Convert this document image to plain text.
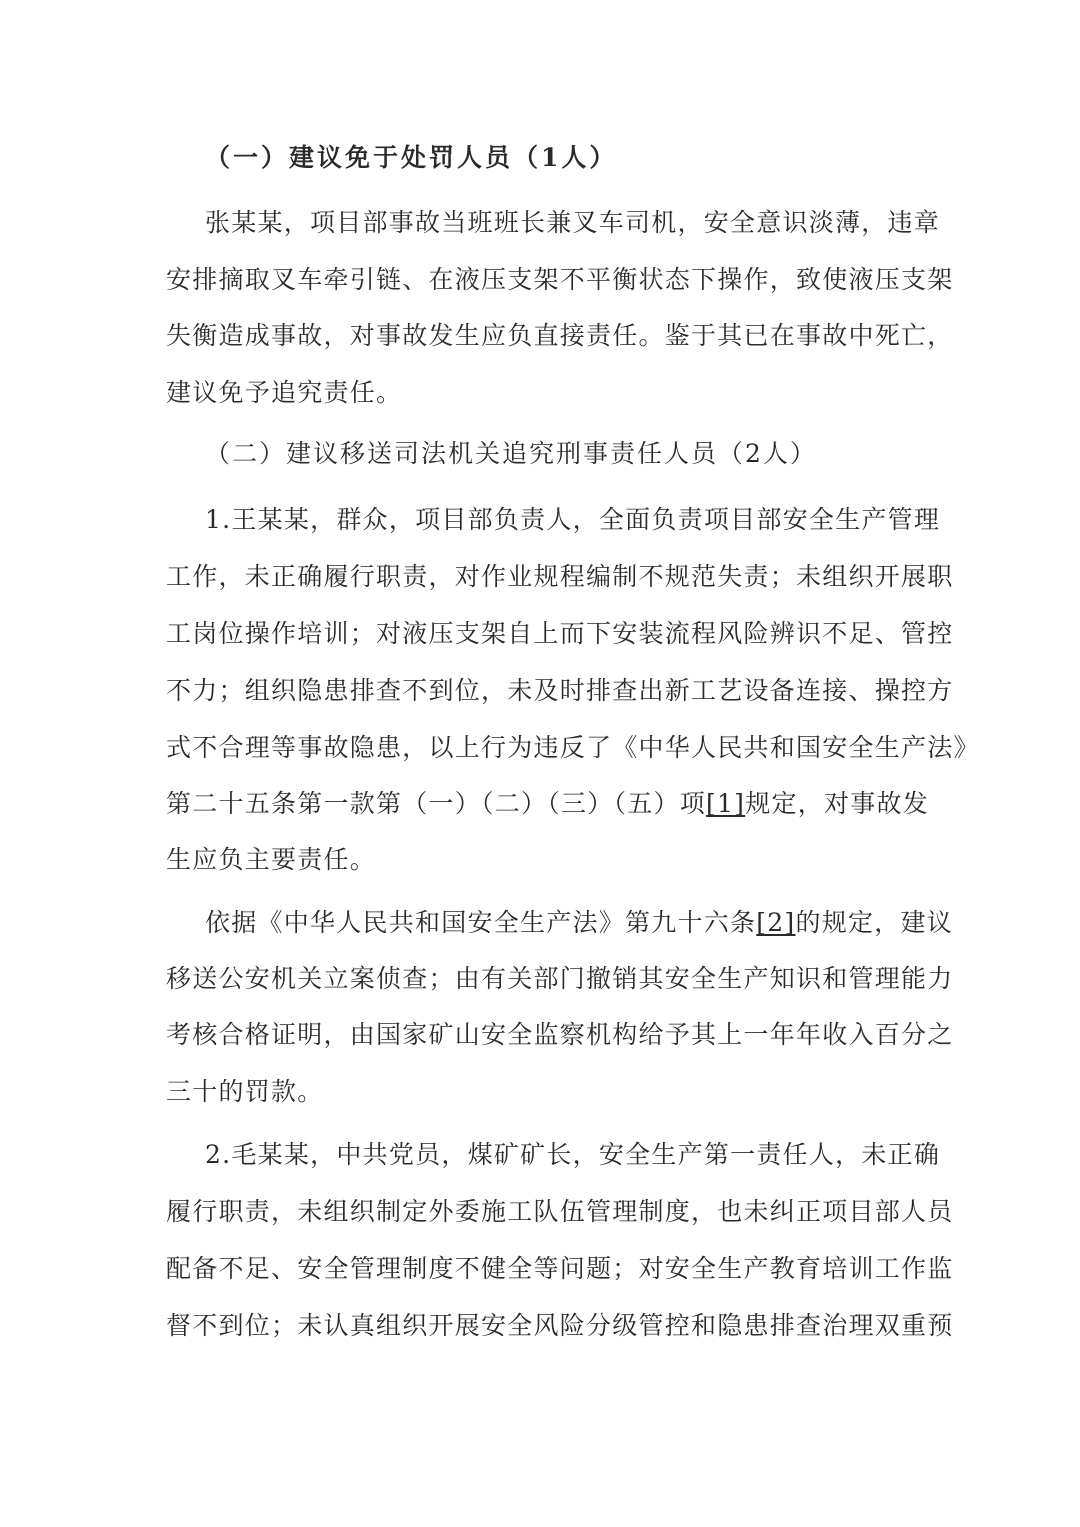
（一）建议免于处罚人员（1人）
张某某，项目部事故当班班长兼叉车司机，安全意识淡薄，违章
安排摘取叉车牵引链、在液压支架不平衡状态下操作，致使液压支架
失衡造成事故，对事故发生应负直接责任。鉴于其已在事故中死亡，
建议免予追究责任。
（二）建议移送司法机关追究刑事责任人员（2人）
1.王某某，群众，项目部负责人，全面负责项目部安全生产管理
工作，未正确履行职责，对作业规程编制不规范失责；未组织开展职
工岗位操作培训；对液压支架自上而下安装流程风险辨识不足、管控
不力；组织隐患排查不到位，未及时排查出新工艺设备连接、操控方
式不合理等事故隐患，以上行为违反了《中华人民共和国安全生产法》
第二十五条第一款第（一）（二）（三）（五）项[1]规定，对事故发
生应负主要责任。
依据《中华人民共和国安全生产法》第九十六条[2]的规定，建议
移送公安机关立案侦查；由有关部门撤销其安全生产知识和管理能力
考核合格证明，由国家矿山安全监察机构给予其上一年年收入百分之
三十的罚款。
2.毛某某，中共党员，煤矿矿长，安全生产第一责任人，未正确
履行职责，未组织制定外委施工队伍管理制度，也未纠正项目部人员
配备不足、安全管理制度不健全等问题；对安全生产教育培训工作监
督不到位；未认真组织开展安全风险分级管控和隐患排查治理双重预
